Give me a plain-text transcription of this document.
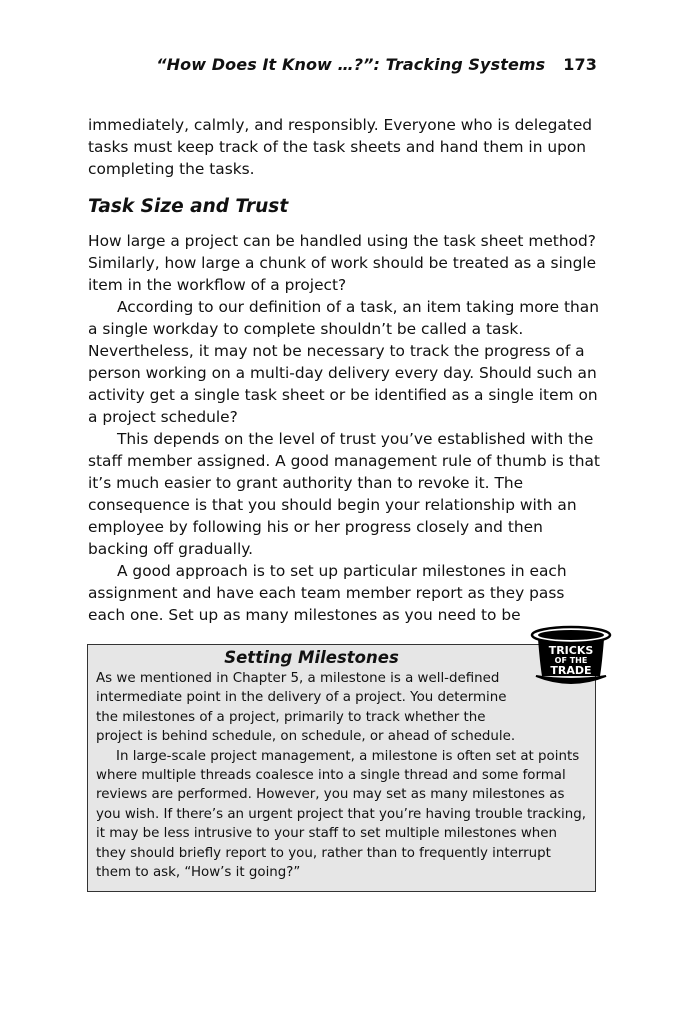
“How Does It Know …?”: Tracking Systems 173

immediately, calmly, and responsibly. Everyone who is delegated tasks must keep track of the task sheets and hand them in upon completing the tasks.

Task Size and Trust

How large a project can be handled using the task sheet method? Similarly, how large a chunk of work should be treated as a single item in the workflow of a project?

According to our definition of a task, an item taking more than a single workday to complete shouldn’t be called a task. Nevertheless, it may not be necessary to track the progress of a person working on a multi-day delivery every day. Should such an activity get a single task sheet or be identified as a single item on a project schedule?

This depends on the level of trust you’ve established with the staff member assigned. A good management rule of thumb is that it’s much easier to grant authority than to revoke it. The consequence is that you should begin your relationship with an employee by following his or her progress closely and then backing off gradually.

A good approach is to set up particular milestones in each assignment and have each team member report as they pass each one. Set up as many milestones as you need to be

Setting Milestones

As we mentioned in Chapter 5, a milestone is a well-defined intermediate point in the delivery of a project. You determine the milestones of a project, primarily to track whether the project is behind schedule, on schedule, or ahead of schedule.

In large-scale project management, a milestone is often set at points where multiple threads coalesce into a single thread and some formal reviews are performed. However, you may set as many milestones as you wish. If there’s an urgent project that you’re having trouble tracking, it may be less intrusive to your staff to set multiple milestones when they should briefly report to you, rather than to frequently interrupt them to ask, “How’s it going?”

TRICKS
OF THE
TRADE
